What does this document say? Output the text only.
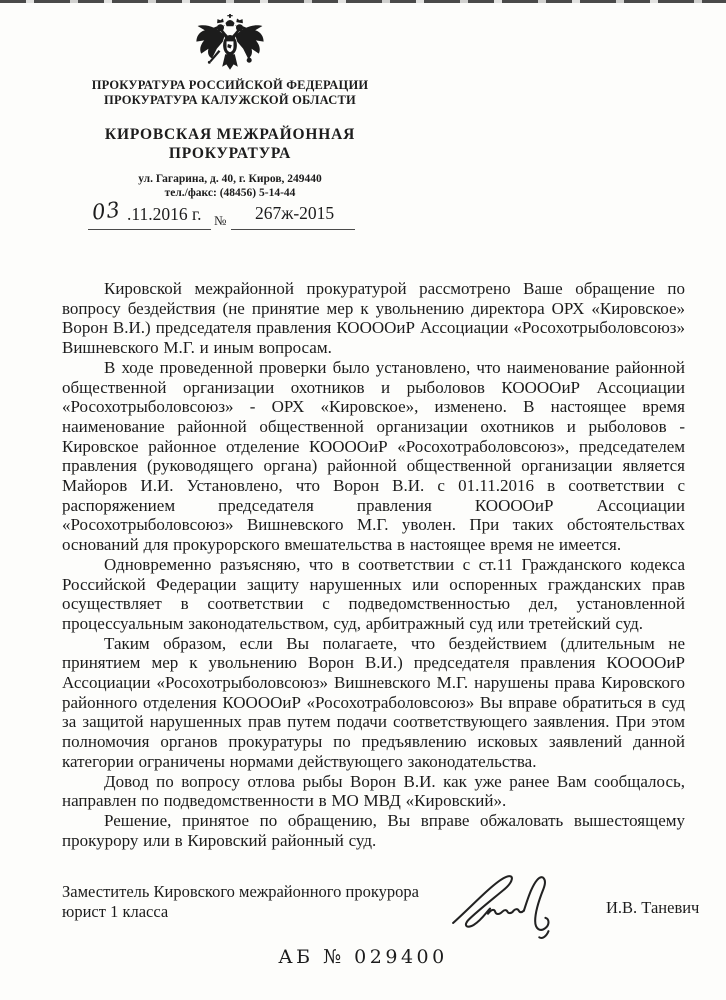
ПРОКУРАТУРА РОССИЙСКОЙ ФЕДЕРАЦИИ
ПРОКУРАТУРА КАЛУЖСКОЙ ОБЛАСТИ
КИРОВСКАЯ МЕЖРАЙОННАЯ
ПРОКУРАТУРА
ул. Гагарина, д. 40, г. Киров, 249440
тел./факс: (48456) 5-14-44
03 .11.2016 г. № 267ж-2015

Кировской межрайонной прокуратурой рассмотрено Ваше обращение по вопросу бездействия (не принятие мер к увольнению директора ОРХ «Кировское» Ворон В.И.) председателя правления КООООиР Ассоциации «Росохотрыболовсоюз» Вишневского М.Г. и иным вопросам.

В ходе проведенной проверки было установлено, что наименование районной общественной организации охотников и рыболовов КООООиР Ассоциации «Росохотрыболовсоюз» - ОРХ «Кировское», изменено. В настоящее время наименование районной общественной организации охотников и рыболовов - Кировское районное отделение КООООиР «Росохотраболовсоюз», председателем правления (руководящего органа) районной общественной организации является Майоров И.И. Установлено, что Ворон В.И. с 01.11.2016 в соответствии с распоряжением председателя правления КООООиР Ассоциации «Росохотрыболовсоюз» Вишневского М.Г. уволен. При таких обстоятельствах оснований для прокурорского вмешательства в настоящее время не имеется.

Одновременно разъясняю, что в соответствии с ст.11 Гражданского кодекса Российской Федерации защиту нарушенных или оспоренных гражданских прав осуществляет в соответствии с подведомственностью дел, установленной процессуальным законодательством, суд, арбитражный суд или третейский суд.

Таким образом, если Вы полагаете, что бездействием (длительным не принятием мер к увольнению Ворон В.И.) председателя правления КООООиР Ассоциации «Росохотрыболовсоюз» Вишневского М.Г. нарушены права Кировского районного отделения КООООиР «Росохотраболовсоюз» Вы вправе обратиться в суд за защитой нарушенных прав путем подачи соответствующего заявления. При этом полномочия органов прокуратуры по предъявлению исковых заявлений данной категории ограничены нормами действующего законодательства.

Довод по вопросу отлова рыбы Ворон В.И. как уже ранее Вам сообщалось, направлен по подведомственности в МО МВД «Кировский».

Решение, принятое по обращению, Вы вправе обжаловать вышестоящему прокурору или в Кировский районный суд.

Заместитель Кировского межрайонного прокурора
юрист 1 класса	И.В. Таневич
АБ № 029400
